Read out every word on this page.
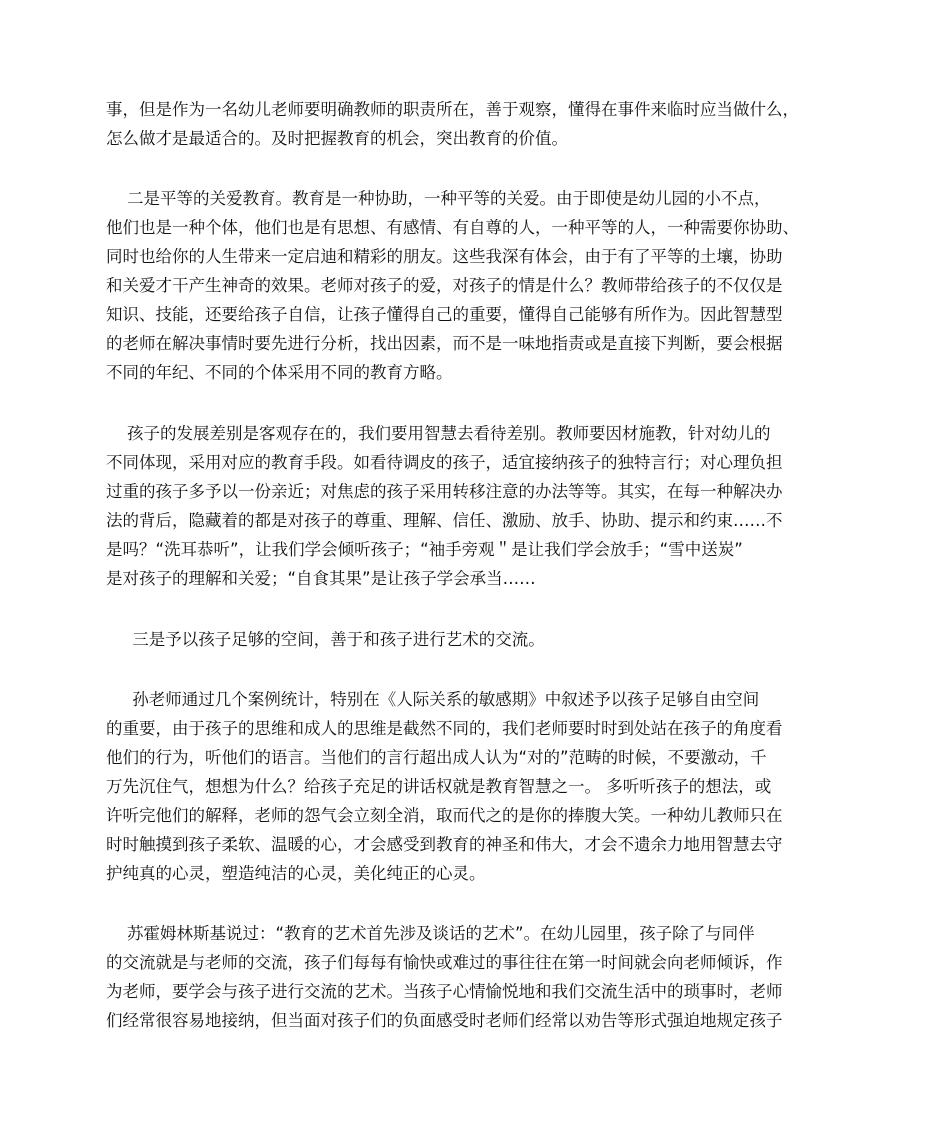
事，但是作为一名幼儿老师要明确教师的职责所在，善于观察，懂得在事件来临时应当做什么，

怎么做才是最适合的。及时把握教育的机会，突出教育的价值。

二是平等的关爱教育。教育是一种协助，一种平等的关爱。由于即使是幼儿园的小不点，

他们也是一种个体，他们也是有思想、有感情、有自尊的人，一种平等的人，一种需要你协助、

同时也给你的人生带来一定启迪和精彩的朋友。这些我深有体会，由于有了平等的土壤，协助

和关爱才干产生神奇的效果。老师对孩子的爱，对孩子的情是什么？教师带给孩子的不仅仅是

知识、技能，还要给孩子自信，让孩子懂得自己的重要，懂得自己能够有所作为。因此智慧型

的老师在解决事情时要先进行分析，找出因素，而不是一味地指责或是直接下判断，要会根据

不同的年纪、不同的个体采用不同的教育方略。

孩子的发展差别是客观存在的，我们要用智慧去看待差别。教师要因材施教，针对幼儿的

不同体现，采用对应的教育手段。如看待调皮的孩子，适宜接纳孩子的独特言行；对心理负担

过重的孩子多予以一份亲近；对焦虑的孩子采用转移注意的办法等等。其实，在每一种解决办

法的背后，隐藏着的都是对孩子的尊重、理解、信任、激励、放手、协助、提示和约束……不

是吗？“洗耳恭听”，让我们学会倾听孩子；“袖手旁观＂是让我们学会放手；“雪中送炭”

是对孩子的理解和关爱；“自食其果”是让孩子学会承当……

三是予以孩子足够的空间，善于和孩子进行艺术的交流。

孙老师通过几个案例统计，特别在《人际关系的敏感期》中叙述予以孩子足够自由空间

的重要，由于孩子的思维和成人的思维是截然不同的，我们老师要时时到处站在孩子的角度看

他们的行为，听他们的语言。当他们的言行超出成人认为“对的”范畴的时候，不要激动，千

万先沉住气，想想为什么？给孩子充足的讲话权就是教育智慧之一。 多听听孩子的想法，或

许听完他们的解释，老师的怨气会立刻全消，取而代之的是你的捧腹大笑。一种幼儿教师只在

时时触摸到孩子柔软、温暖的心，才会感受到教育的神圣和伟大，才会不遗余力地用智慧去守

护纯真的心灵，塑造纯洁的心灵，美化纯正的心灵。

苏霍姆林斯基说过：“教育的艺术首先涉及谈话的艺术”。在幼儿园里，孩子除了与同伴

的交流就是与老师的交流，孩子们每每有愉快或难过的事往往在第一时间就会向老师倾诉，作

为老师，要学会与孩子进行交流的艺术。当孩子心情愉悦地和我们交流生活中的琐事时，老师

们经常很容易地接纳，但当面对孩子们的负面感受时老师们经常以劝告等形式强迫地规定孩子
